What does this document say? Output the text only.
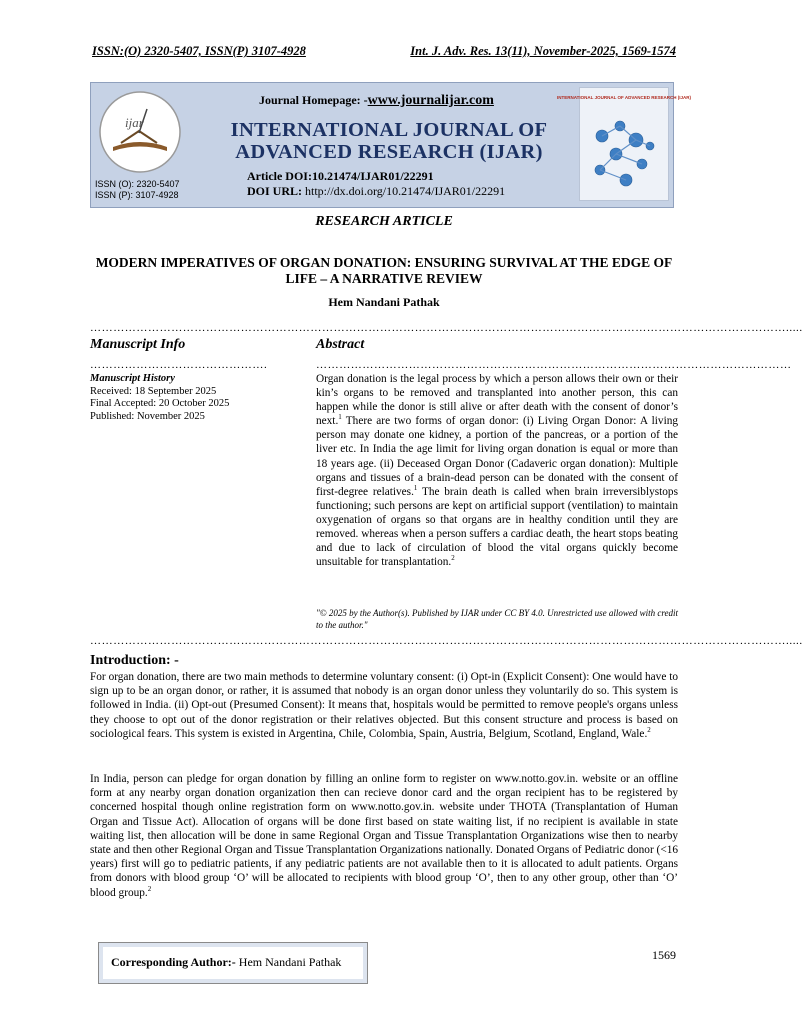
ISSN:(O) 2320-5407, ISSN(P) 3107-4928	Int. J. Adv. Res. 13(11), November-2025, 1569-1574
ijar
ISSN (O): 2320-5407
ISSN (P): 3107-4928
Journal Homepage: -www.journalijar.com
INTERNATIONAL JOURNAL OF
ADVANCED RESEARCH (IJAR)
Article DOI:10.21474/IJAR01/22291
DOI URL: http://dx.doi.org/10.21474/IJAR01/22291
INTERNATIONAL JOURNAL OF ADVANCED RESEARCH (IJAR)
RESEARCH ARTICLE
MODERN IMPERATIVES OF ORGAN DONATION: ENSURING SURVIVAL AT THE EDGE OF LIFE – A NARRATIVE REVIEW
Hem Nandani Pathak
……………………………………………………………………………………………………………………………………………………………….....
Manuscript Info	Abstract
……………………………………….	……………………………………………………………………………………………………………
Manuscript History
Received: 18 September 2025
Final Accepted: 20 October 2025
Published: November 2025
Organ donation is the legal process by which a person allows their own or their kin’s organs to be removed and transplanted into another person, this can happen while the donor is still alive or after death with the consent of donor’s next.$^1$ There are two forms of organ donor: (i) Living Organ Donor: A living person may donate one kidney, a portion of the pancreas, or a portion of the liver etc. In India the age limit for living organ donation is equal or more than 18 years age. (ii) Deceased Organ Donor (Cadaveric organ donation): Multiple organs and tissues of a brain-dead person can be donated with the consent of first-degree relatives.$^1$ The brain death is called when brain irreversiblystops functioning; such persons are kept on artificial support (ventilation) to maintain oxygenation of organs so that organs are in healthy condition until they are removed. whereas when a person suffers a cardiac death, the heart stops beating and due to lack of circulation of blood the vital organs quickly become unsuitable for transplantation.$^2$
"© 2025 by the Author(s). Published by IJAR under CC BY 4.0. Unrestricted use allowed with credit to the author."
……………………………………………………………………………………………………………………………………………………………….....
Introduction: -
For organ donation, there are two main methods to determine voluntary consent: (i) Opt-in (Explicit Consent): One would have to sign up to be an organ donor, or rather, it is assumed that nobody is an organ donor unless they voluntarily do so. This system is followed in India. (ii) Opt-out (Presumed Consent): It means that, hospitals would be permitted to remove people's organs unless they choose to opt out of the donor registration or their relatives objected. But this consent structure and process is based on sociological fears. This system is existed in Argentina, Chile, Colombia, Spain, Austria, Belgium, Scotland, England, Wale.$^2$
In India, person can pledge for organ donation by filling an online form to register on www.notto.gov.in. website or an offline form at any nearby organ donation organization then can recieve donor card and the organ recipient has to be registered by concerned hospital though online registration form on www.notto.gov.in. website under THOTA (Transplantation of Human Organ and Tissue Act). Allocation of organs will be done first based on state waiting list, if no recipient is available in state waiting list, then allocation will be done in same Regional Organ and Tissue Transplantation Organizations wise then to nearby state and then other Regional Organ and Tissue Transplantation Organizations nationally. Donated Organs of Pediatric donor (<16 years) first will go to pediatric patients, if any pediatric patients are not available then to it is allocated to adult patients. Organs from donors with blood group ‘O’ will be allocated to recipients with blood group ‘O’, then to any other group, other than ‘O’ blood group.$^2$
Corresponding Author:- Hem Nandani Pathak	1569
